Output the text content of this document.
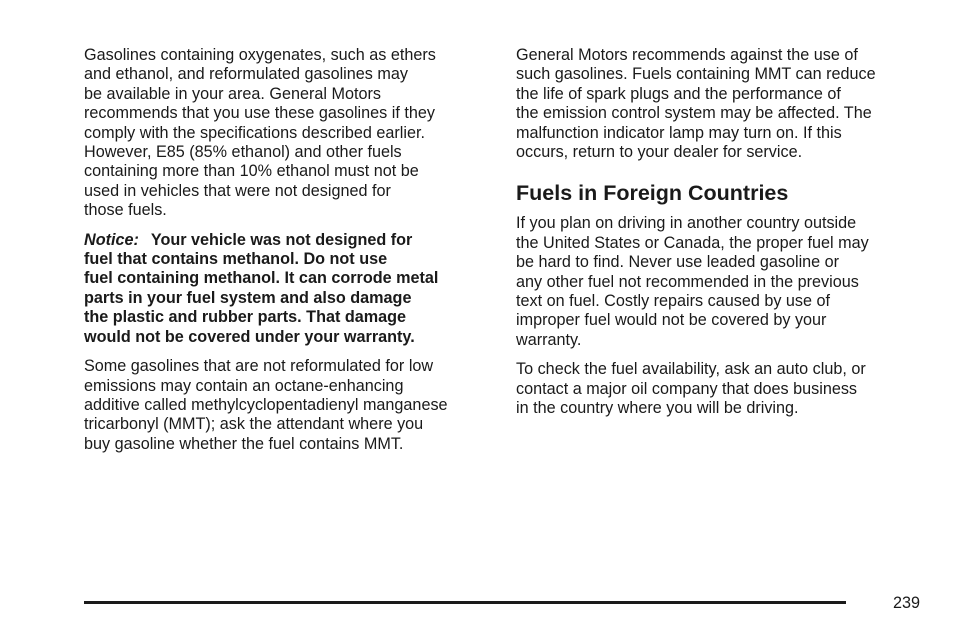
Gasolines containing oxygenates, such as ethers
and ethanol, and reformulated gasolines may
be available in your area. General Motors
recommends that you use these gasolines if they
comply with the specifications described earlier.
However, E85 (85% ethanol) and other fuels
containing more than 10% ethanol must not be
used in vehicles that were not designed for
those fuels.
Notice: Your vehicle was not designed for
fuel that contains methanol. Do not use
fuel containing methanol. It can corrode metal
parts in your fuel system and also damage
the plastic and rubber parts. That damage
would not be covered under your warranty.
Some gasolines that are not reformulated for low
emissions may contain an octane-enhancing
additive called methylcyclopentadienyl manganese
tricarbonyl (MMT); ask the attendant where you
buy gasoline whether the fuel contains MMT.
General Motors recommends against the use of
such gasolines. Fuels containing MMT can reduce
the life of spark plugs and the performance of
the emission control system may be affected. The
malfunction indicator lamp may turn on. If this
occurs, return to your dealer for service.
Fuels in Foreign Countries
If you plan on driving in another country outside
the United States or Canada, the proper fuel may
be hard to find. Never use leaded gasoline or
any other fuel not recommended in the previous
text on fuel. Costly repairs caused by use of
improper fuel would not be covered by your
warranty.
To check the fuel availability, ask an auto club, or
contact a major oil company that does business
in the country where you will be driving.
239
